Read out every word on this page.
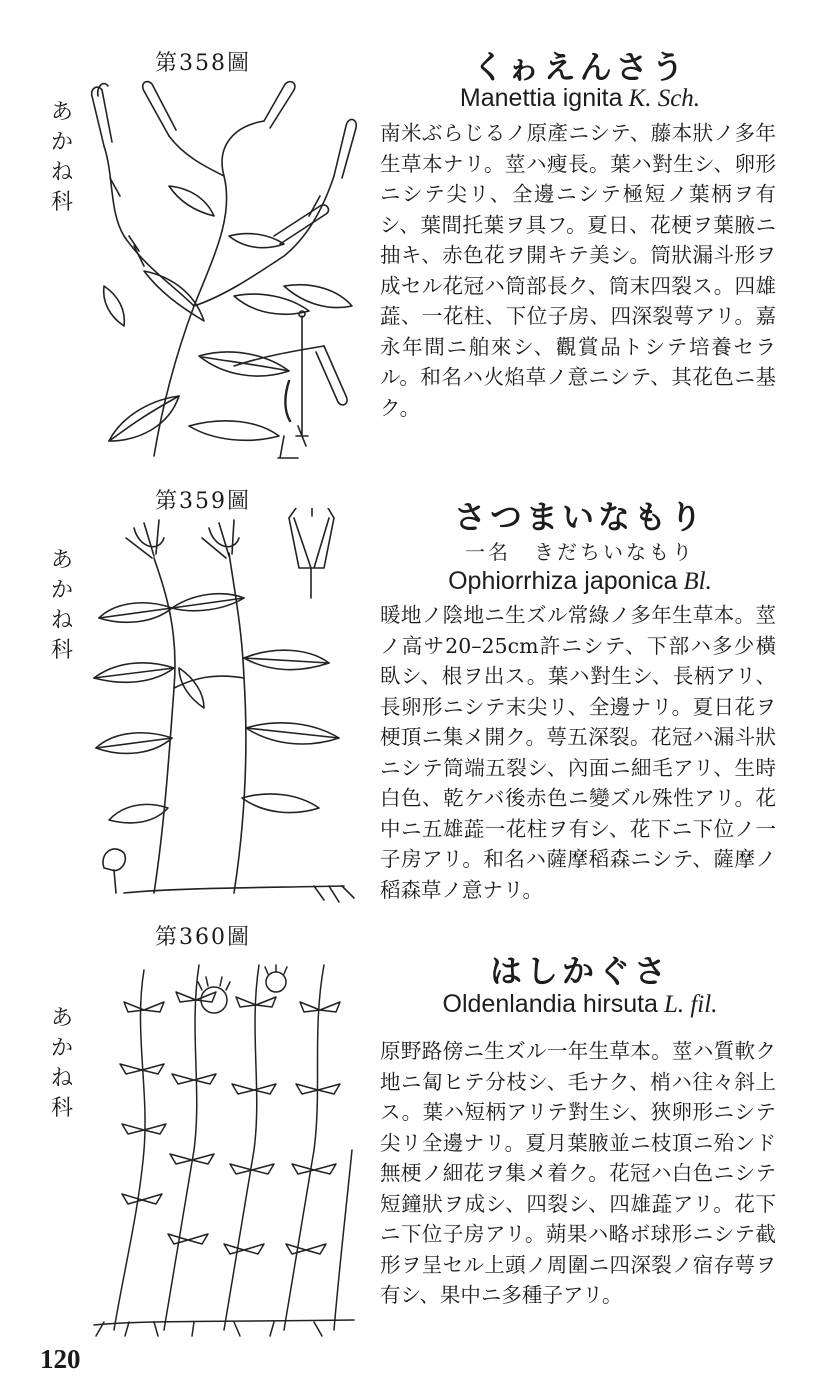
第358圖
あかね科
くゎえんさう
Manettia ignita K. Sch.
南米ぶらじるノ原產ニシテ、藤本狀ノ多年生草本ナリ。莖ハ瘦長。葉ハ對生シ、卵形ニシテ尖リ、全邊ニシテ極短ノ葉柄ヲ有シ、葉間托葉ヲ具フ。夏日、花梗ヲ葉腋ニ抽キ、赤色花ヲ開キテ美シ。筒狀漏斗形ヲ成セル花冠ハ筒部長ク、筒末四裂ス。四雄蕋、一花柱、下位子房、四深裂萼アリ。嘉永年間ニ舶來シ、觀賞品トシテ培養セラル。和名ハ火焰草ノ意ニシテ、其花色ニ基ク。
第359圖
あかね科
さつまいなもり
一名　きだちいなもり
Ophiorrhiza japonica Bl.
暖地ノ陰地ニ生ズル常綠ノ多年生草本。莖ノ高サ20–25cm許ニシテ、下部ハ多少橫臥シ、根ヲ出ス。葉ハ對生シ、長柄アリ、長卵形ニシテ末尖リ、全邊ナリ。夏日花ヲ梗頂ニ集メ開ク。萼五深裂。花冠ハ漏斗狀ニシテ筒端五裂シ、內面ニ細毛アリ、生時白色、乾ケバ後赤色ニ變ズル殊性アリ。花中ニ五雄蕋一花柱ヲ有シ、花下ニ下位ノ一子房アリ。和名ハ薩摩稻森ニシテ、薩摩ノ稻森草ノ意ナリ。
第360圖
あかね科
はしかぐさ
Oldenlandia hirsuta L. fil.
原野路傍ニ生ズル一年生草本。莖ハ質軟ク地ニ匐ヒテ分枝シ、毛ナク、梢ハ往々斜上ス。葉ハ短柄アリテ對生シ、狹卵形ニシテ尖リ全邊ナリ。夏月葉腋並ニ枝頂ニ殆ンド無梗ノ細花ヲ集メ着ク。花冠ハ白色ニシテ短鐘狀ヲ成シ、四裂シ、四雄蕋アリ。花下ニ下位子房アリ。蒴果ハ略ボ球形ニシテ截形ヲ呈セル上頭ノ周圍ニ四深裂ノ宿存萼ヲ有シ、果中ニ多種子アリ。
120
